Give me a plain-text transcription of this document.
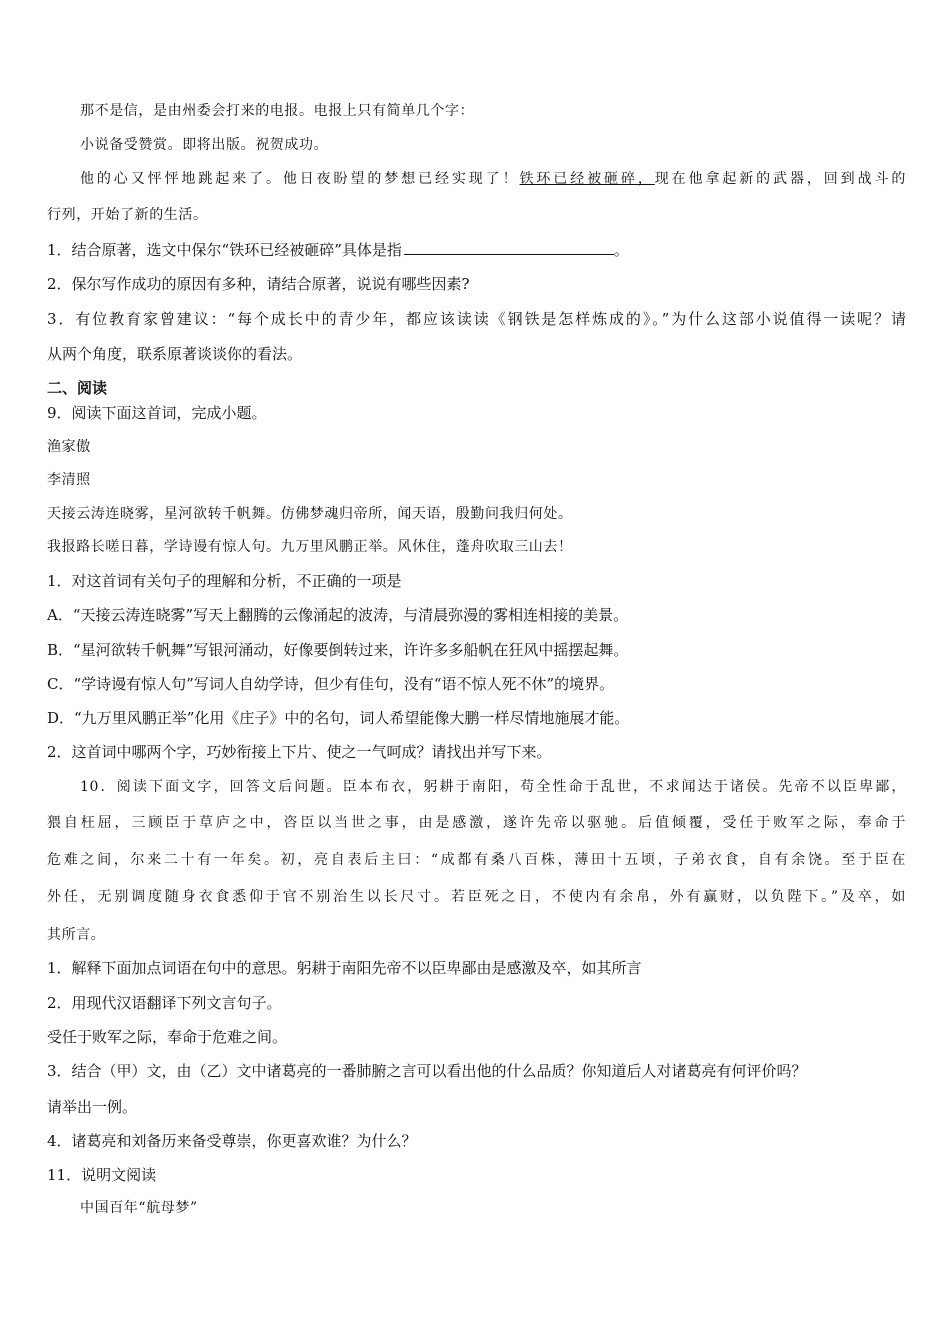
那不是信，是由州委会打来的电报。电报上只有简单几个字：
小说备受赞赏。即将出版。祝贺成功。
他的心又怦怦地跳起来了。他日夜盼望的梦想已经实现了！铁环已经被砸碎，现在他拿起新的武器，回到战斗的
行列，开始了新的生活。
1．结合原著，选文中保尔“铁环已经被砸碎”具体是指	。
2．保尔写作成功的原因有多种，请结合原著，说说有哪些因素?
3．有位教育家曾建议：“每个成长中的青少年，都应该读读《钢铁是怎样炼成的》。”为什么这部小说值得一读呢？请
从两个角度，联系原著谈谈你的看法。
二、阅读
9．阅读下面这首词，完成小题。
渔家傲
李清照
天接云涛连晓雾，星河欲转千帆舞。仿佛梦魂归帝所，闻天语，殷勤问我归何处。
我报路长嗟日暮，学诗谩有惊人句。九万里风鹏正举。风休住，蓬舟吹取三山去！
1．对这首词有关句子的理解和分析，不正确的一项是
A．“天接云涛连晓雾”写天上翻腾的云像涌起的波涛，与清晨弥漫的雾相连相接的美景。
B．“星河欲转千帆舞”写银河涌动，好像要倒转过来，许许多多船帆在狂风中摇摆起舞。
C．“学诗谩有惊人句”写词人自幼学诗，但少有佳句，没有“语不惊人死不休”的境界。
D．“九万里风鹏正举”化用《庄子》中的名句，词人希望能像大鹏一样尽情地施展才能。
2．这首词中哪两个字，巧妙衔接上下片、使之一气呵成？请找出并写下来。
10．阅读下面文字，回答文后问题。臣本布衣，躬耕于南阳，苟全性命于乱世，不求闻达于诸侯。先帝不以臣卑鄙，
猥自枉屈，三顾臣于草庐之中，咨臣以当世之事，由是感激，遂许先帝以驱驰。后值倾覆，受任于败军之际，奉命于
危难之间，尔来二十有一年矣。初，亮自表后主曰：“成都有桑八百株，薄田十五顷，子弟衣食，自有余饶。至于臣在
外任，无别调度随身衣食悉仰于官不别治生以长尺寸。若臣死之日，不使内有余帛，外有赢财，以负陛下。”及卒，如
其所言。
1．解释下面加点词语在句中的意思。躬耕于南阳先帝不以臣卑鄙由是感激及卒，如其所言
2．用现代汉语翻译下列文言句子。
受任于败军之际，奉命于危难之间。
3．结合（甲）文，由（乙）文中诸葛亮的一番肺腑之言可以看出他的什么品质？你知道后人对诸葛亮有何评价吗？
请举出一例。
4．诸葛亮和刘备历来备受尊崇，你更喜欢谁？为什么？
11．说明文阅读
中国百年“航母梦”
